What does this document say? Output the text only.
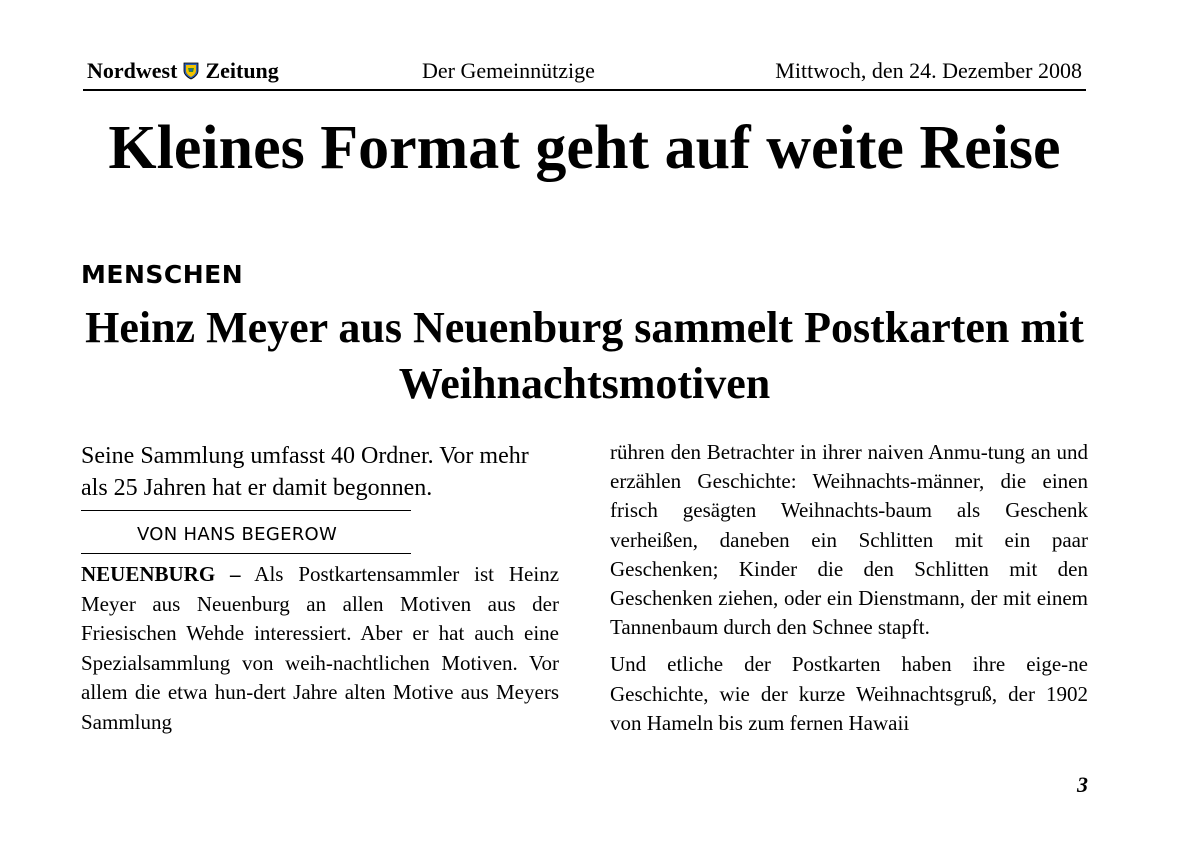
Nordwest Zeitung	Der Gemeinnützige	Mittwoch, den 24. Dezember 2008
Kleines Format geht auf weite Reise
MENSCHEN
Heinz Meyer aus Neuenburg sammelt Postkarten mit Weihnachtsmotiven
Seine Sammlung umfasst 40 Ordner. Vor mehr als 25 Jahren hat er damit begonnen.
VON HANS BEGEROW
NEUENBURG – Als Postkartensammler ist Heinz Meyer aus Neuenburg an allen Motiven aus der Friesischen Wehde interessiert. Aber er hat auch eine Spezialsammlung von weih-nachtlichen Motiven. Vor allem die etwa hun-dert Jahre alten Motive aus Meyers Sammlung

rühren den Betrachter in ihrer naiven Anmu-tung an und erzählen Geschichte: Weihnachts-männer, die einen frisch gesägten Weihnachts-baum als Geschenk verheißen, daneben ein Schlitten mit ein paar Geschenken; Kinder die den Schlitten mit den Geschenken ziehen, oder ein Dienstmann, der mit einem Tannenbaum durch den Schnee stapft.

Und etliche der Postkarten haben ihre eige-ne Geschichte, wie der kurze Weihnachtsgruß, der 1902 von Hameln bis zum fernen Hawaii

3
